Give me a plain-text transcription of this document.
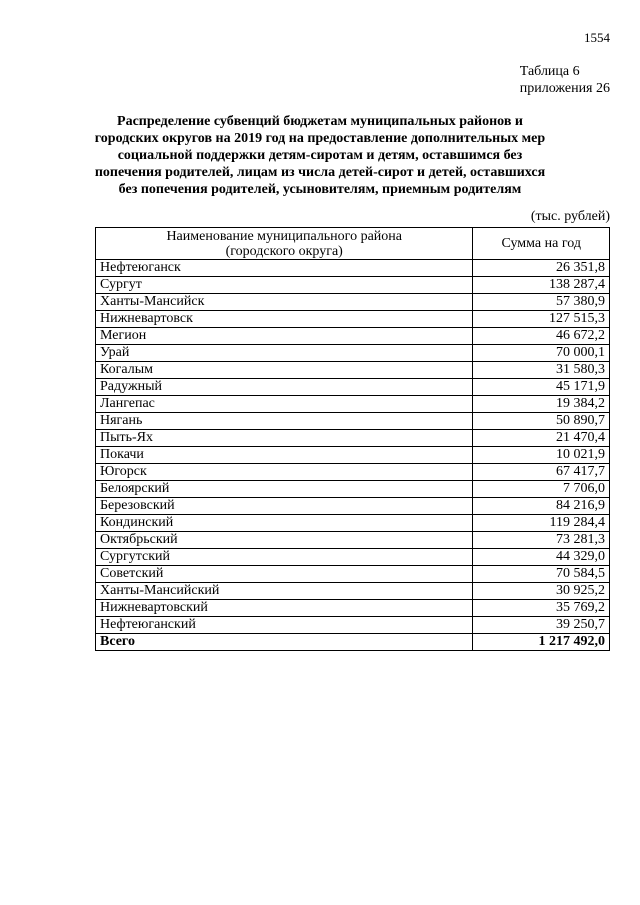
1554
Таблица 6
приложения 26
Распределение субвенций бюджетам муниципальных районов и городских округов на 2019 год на предоставление дополнительных мер социальной поддержки детям-сиротам и детям, оставшимся без попечения родителей, лицам из числа детей-сирот и детей, оставшихся без попечения родителей, усыновителям, приемным родителям
(тыс. рублей)
Наименование муниципального района
(городского округа)	Сумма на год
Нефтеюганск	26 351,8
Сургут	138 287,4
Ханты-Мансийск	57 380,9
Нижневартовск	127 515,3
Мегион	46 672,2
Урай	70 000,1
Когалым	31 580,3
Радужный	45 171,9
Лангепас	19 384,2
Нягань	50 890,7
Пыть-Ях	21 470,4
Покачи	10 021,9
Югорск	67 417,7
Белоярский	7 706,0
Березовский	84 216,9
Кондинский	119 284,4
Октябрьский	73 281,3
Сургутский	44 329,0
Советский	70 584,5
Ханты-Мансийский	30 925,2
Нижневартовский	35 769,2
Нефтеюганский	39 250,7
Всего	1 217 492,0
